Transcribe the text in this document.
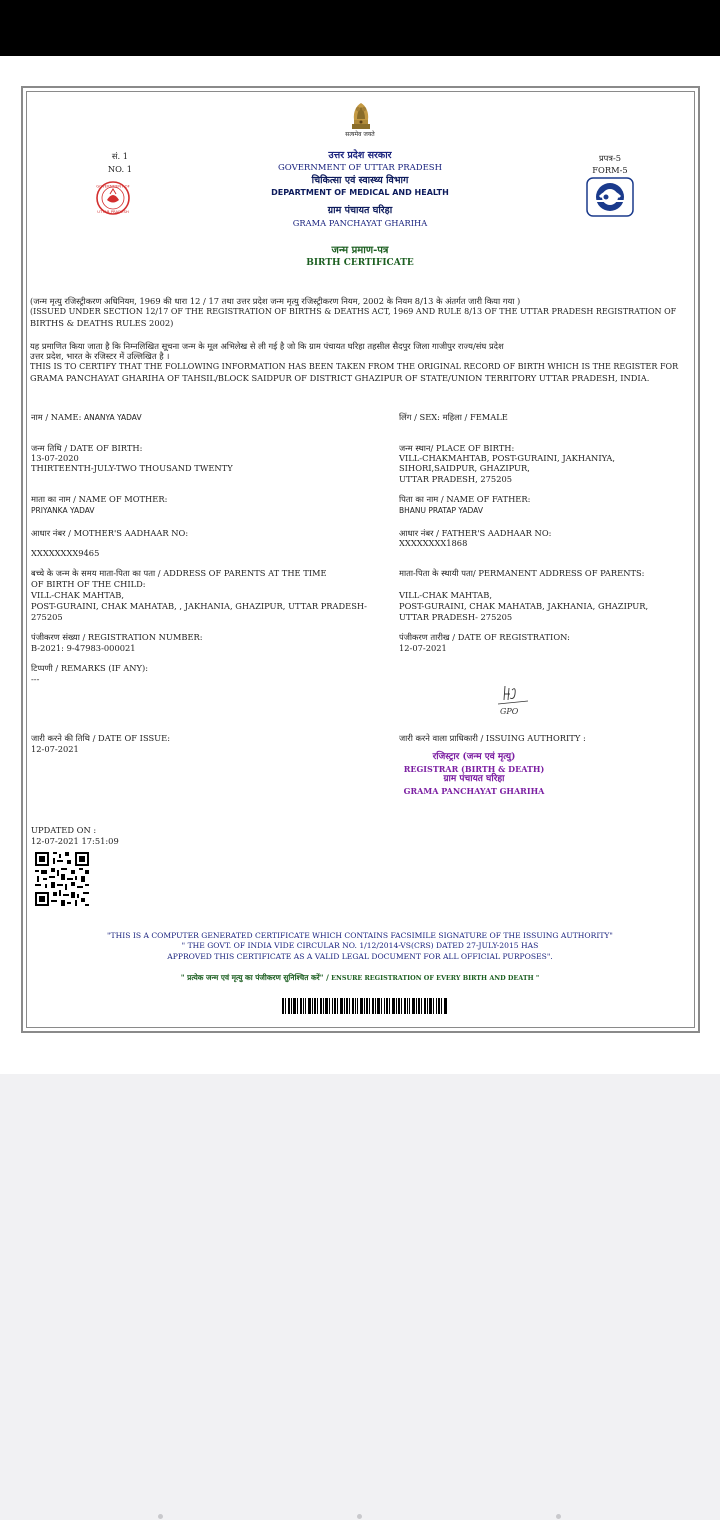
सत्यमेव जयते
सं. 1
NO. 1
GOVERNMENT OF
UTTAR PRADESH
उत्तर प्रदेश सरकार
GOVERNMENT OF UTTAR PRADESH
चिकित्सा एवं स्वास्थ्य विभाग
DEPARTMENT OF MEDICAL AND HEALTH
ग्राम पंचायत घरिहा
GRAMA PANCHAYAT GHARIHA
प्रपत्र-5
FORM-5
जन्म प्रमाण-पत्र
BIRTH CERTIFICATE
(जन्म मृत्यु रजिस्ट्रीकरण अधिनियम, 1969 की धारा 12 / 17 तथा उत्तर प्रदेश जन्म मृत्यु रजिस्ट्रीकरण नियम, 2002 के नियम 8/13 के अंतर्गत जारी किया गया )
(ISSUED UNDER SECTION 12/17 OF THE REGISTRATION OF BIRTHS & DEATHS ACT, 1969 AND RULE 8/13 OF THE UTTAR PRADESH REGISTRATION OF
BIRTHS & DEATHS RULES 2002)
यह प्रमाणित किया जाता है कि निम्नलिखित सूचना जन्म के मूल अभिलेख से ली गई है जो कि ग्राम पंचायत घरिहा तहसील सैदपुर जिला गाजीपुर राज्य/संघ प्रदेश
उत्तर प्रदेश, भारत के रजिस्टर में उल्लिखित है ।
THIS IS TO CERTIFY THAT THE FOLLOWING INFORMATION HAS BEEN TAKEN FROM THE ORIGINAL RECORD OF BIRTH WHICH IS THE REGISTER FOR
GRAMA PANCHAYAT GHARIHA OF TAHSIL/BLOCK SAIDPUR OF DISTRICT GHAZIPUR OF STATE/UNION TERRITORY UTTAR PRADESH, INDIA.
नाम / NAME: ANANYA YADAV
जन्म तिथि / DATE OF BIRTH:
13-07-2020
THIRTEENTH-JULY-TWO THOUSAND TWENTY
माता का नाम / NAME OF MOTHER:
PRIYANKA YADAV
आधार नंबर / MOTHER'S AADHAAR NO:
XXXXXXXX9465
बच्चे के जन्म के समय माता-पिता का पता / ADDRESS OF PARENTS AT THE TIME
OF BIRTH OF THE CHILD:
VILL-CHAK MAHTAB,
POST-GURAINI, CHAK MAHATAB, , JAKHANIA, GHAZIPUR, UTTAR PRADESH-
275205
पंजीकरण संख्या / REGISTRATION NUMBER:
B-2021: 9-47983-000021
टिप्पणी / REMARKS (IF ANY):
---
जारी करने की तिथि / DATE OF ISSUE:
12-07-2021
UPDATED ON :
12-07-2021 17:51:09
लिंग / SEX: महिला / FEMALE
जन्म स्थान/ PLACE OF BIRTH:
VILL-CHAKMAHTAB, POST-GURAINI, JAKHANIYA,
SIHORI,SAIDPUR, GHAZIPUR,
UTTAR PRADESH, 275205
पिता का नाम / NAME OF FATHER:
BHANU PRATAP YADAV
आधार नंबर / FATHER'S AADHAAR NO:
XXXXXXXX1868
माता-पिता के स्थायी पता/ PERMANENT ADDRESS OF PARENTS:
VILL-CHAK MAHTAB,
POST-GURAINI, CHAK MAHATAB, JAKHANIA, GHAZIPUR,
UTTAR PRADESH- 275205
पंजीकरण तारीख / DATE OF REGISTRATION:
12-07-2021
GPO
जारी करने वाला प्राधिकारी / ISSUING AUTHORITY :
रजिस्ट्रार (जन्म एवं मृत्यु)
REGISTRAR (BIRTH & DEATH)
ग्राम पंचायत घरिहा
GRAMA PANCHAYAT GHARIHA
"THIS IS A COMPUTER GENERATED CERTIFICATE WHICH CONTAINS FACSIMILE SIGNATURE OF THE ISSUING AUTHORITY"
" THE GOVT. OF INDIA VIDE CIRCULAR NO. 1/12/2014-VS(CRS) DATED 27-JULY-2015 HAS
APPROVED THIS CERTIFICATE AS A VALID LEGAL DOCUMENT FOR ALL OFFICIAL PURPOSES".
" प्रत्येक जन्म एवं मृत्यु का पंजीकरण सुनिश्चित करें" / ENSURE REGISTRATION OF EVERY BIRTH AND DEATH "
